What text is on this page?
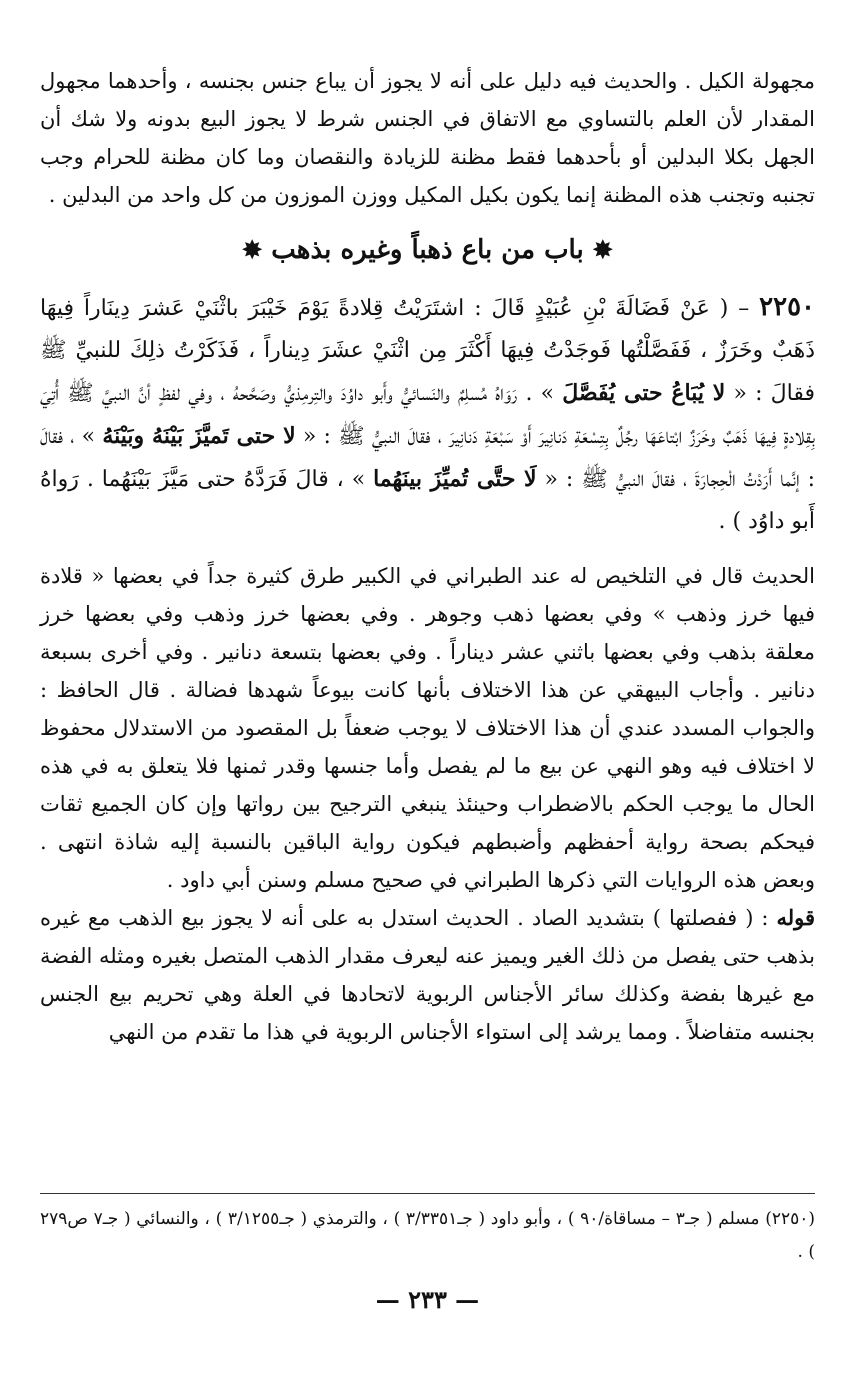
مجهولة الكيل . والحديث فيه دليل على أنه لا يجوز أن يباع جنس بجنسه ، وأحدهما مجهول المقدار لأن العلم بالتساوي مع الاتفاق في الجنس شرط لا يجوز البيع بدونه ولا شك أن الجهل بكلا البدلين أو بأحدهما فقط مظنة للزيادة والنقصان وما كان مظنة للحرام وجب تجنبه وتجنب هذه المظنة إنما يكون بكيل المكيل ووزن الموزون من كل واحد من البدلين .

✸ باب من باع ذهباً وغيره بذهب ✸

٢٢٥٠ – ( عَنْ فَضَالَةَ بْنِ عُبَيْدٍ قَالَ : اشتَرَيْتُ قِلادةً يَوْمَ خَيْبَرَ باثْنَيْ عَشرَ دِينَاراً فِيهَا ذَهَبٌ وخَرَزٌ ، فَفَصَّلْتُها فَوجَدْتُ فِيهَا أَكْثَرَ مِن اثْنَيْ عشَرَ دِيناراً ، فَذَكَرْتُ ذلِكَ للنبيِّ ﷺ فقالَ : « لا يُبَاعُ حتى يُفَصَّلَ » . رَوَاهُ مُسلِمٌ والنَسائيُّ وأَبو داوُدَ والتِرمِذيُّ وصَحَّحهُ ، وفي لفظٍ أنَّ النبيَّ ﷺ أُتِيَ بِقِلادةٍ فِيهَا ذَهَبٌ وخَرَزٌ ابْتاعَهَا رجُلٌ بِتِسْعَةِ دَنانِيرَ أَوْ سَبْعَةِ دَنانِيرَ ، فقالَ النبيُّ ﷺ : « لا حتى تَميَّزَ بَيْنَهُ وبَيْنَهُ » ، فقالَ : إنَّما أَرَدْتُ الْحِجارَةَ ، فقالَ النبيُّ ﷺ : « لَا حتَّى تُميِّزَ بينَهُما » ، قالَ فَرَدَّهُ حتى مَيَّزَ بَيْنَهُما . رَواهُ أَبو داوُد ) .

الحديث قال في التلخيص له عند الطبراني في الكبير طرق كثيرة جداً في بعضها « قلادة فيها خرز وذهب » وفي بعضها ذهب وجوهر . وفي بعضها خرز وذهب وفي بعضها خرز معلقة بذهب وفي بعضها باثني عشر ديناراً . وفي بعضها بتسعة دنانير . وفي أخرى بسبعة دنانير . وأجاب البيهقي عن هذا الاختلاف بأنها كانت بيوعاً شهدها فضالة . قال الحافظ : والجواب المسدد عندي أن هذا الاختلاف لا يوجب ضعفاً بل المقصود من الاستدلال محفوظ لا اختلاف فيه وهو النهي عن بيع ما لم يفصل وأما جنسها وقدر ثمنها فلا يتعلق به في هذه الحال ما يوجب الحكم بالاضطراب وحينئذ ينبغي الترجيح بين رواتها وإن كان الجميع ثقات فيحكم بصحة رواية أحفظهم وأضبطهم فيكون رواية الباقين بالنسبة إليه شاذة انتهى . وبعض هذه الروايات التي ذكرها الطبراني في صحيح مسلم وسنن أبي داود .

قوله : ( ففصلتها ) بتشديد الصاد . الحديث استدل به على أنه لا يجوز بيع الذهب مع غيره بذهب حتى يفصل من ذلك الغير ويميز عنه ليعرف مقدار الذهب المتصل بغيره ومثله الفضة مع غيرها بفضة وكذلك سائر الأجناس الربوية لاتحادها في العلة وهي تحريم بيع الجنس بجنسه متفاضلاً . ومما يرشد إلى استواء الأجناس الربوية في هذا ما تقدم من النهي

(٢٢٥٠) مسلم ( جـ٣ – مساقاة/٩٠ ) ، وأبو داود ( جـ٣/٣٣٥١ ) ، والترمذي ( جـ٣/١٢٥٥ ) ، والنسائي ( جـ٧ ص٢٧٩ ) .

— ٢٣٣ —
